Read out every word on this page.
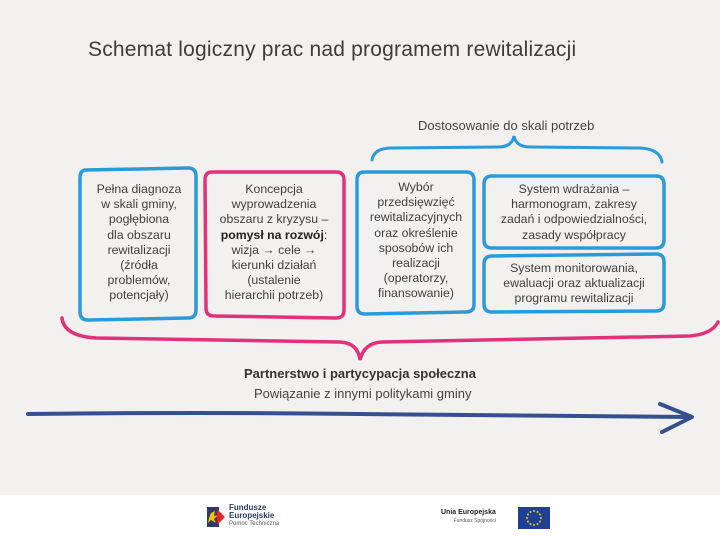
Schemat logiczny prac nad programem rewitalizacji
Dostosowanie do skali potrzeb
Pełna diagnoza
w skali gminy,
pogłębiona
dla obszaru
rewitalizacji
(źródła
problemów,
potencjały)
Koncepcja
wyprowadzenia
obszaru z kryzysu –
pomysł na rozwój:
wizja → cele →
kierunki działań
(ustalenie
hierarchii potrzeb)
Wybór
przedsięwzięć
rewitalizacyjnych
oraz określenie
sposobów ich
realizacji
(operatorzy,
finansowanie)
System wdrażania –
harmonogram, zakresy
zadań i odpowiedzialności,
zasady współpracy
System monitorowania,
ewaluacji oraz aktualizacji
programu rewitalizacji
Partnerstwo i partycypacja społeczna
Powiązanie z innymi politykami gminy
Fundusze
Europejskie
Pomoc Techniczna
Unia Europejska
Fundusz Spójności
